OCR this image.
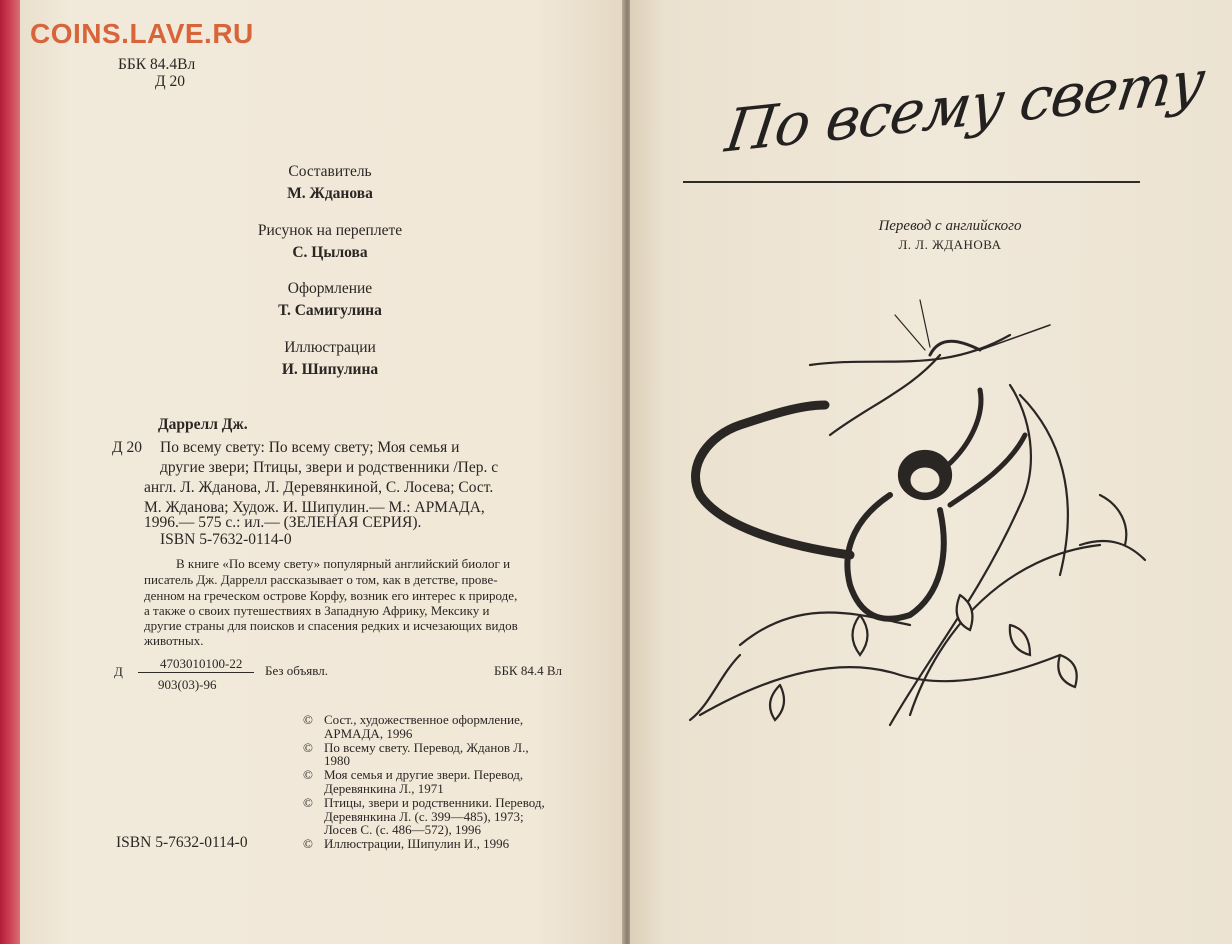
COINS.LAVE.RU
ББК 84.4Вл
Д 20
Составитель
М. Жданова
Рисунок на переплете
С. Цылова
Оформление
Т. Самигулина
Иллюстрации
И. Шипулина
Даррелл Дж.
Д 20 По всему свету: По всему свету; Моя семья и
другие звери; Птицы, звери и родственники /Пер. с
англ. Л. Жданова, Л. Деревянкиной, С. Лосева; Сост.
М. Жданова; Худож. И. Шипулин.— М.: АРМАДА,
1996.— 575 с.: ил.— (ЗЕЛЕНАЯ СЕРИЯ).
ISBN 5-7632-0114-0
В книге «По всему свету» популярный английский биолог и
писатель Дж. Даррелл рассказывает о том, как в детстве, прове-
денном на греческом острове Корфу, возник его интерес к природе,
а также о своих путешествиях в Западную Африку, Мексику и
другие страны для поисков и спасения редких и исчезающих видов
животных.
Д
4703010100-22
903(03)-96
Без объявл.	ББК 84.4 Вл
© Сост., художественное оформление,
АРМАДА, 1996
© По всему свету. Перевод, Жданов Л.,
1980
© Моя семья и другие звери. Перевод,
Деревянкина Л., 1971
© Птицы, звери и родственники. Перевод,
Деревянкина Л. (с. 399—485), 1973;
Лосев С. (с. 486—572), 1996
© Иллюстрации, Шипулин И., 1996
ISBN 5-7632-0114-0
По всему свету
Перевод с английского
Л. Л. ЖДАНОВА
